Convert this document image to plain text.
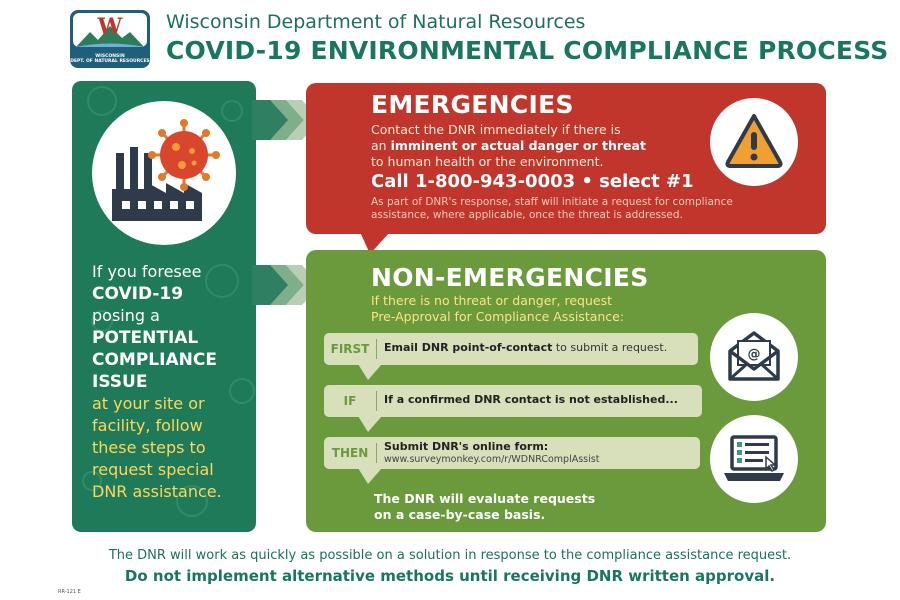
W
WISCONSIN
DEPT. OF NATURAL RESOURCES
Wisconsin Department of Natural Resources
COVID-19 ENVIRONMENTAL COMPLIANCE PROCESS
If you foresee
COVID-19
posing a
POTENTIAL
COMPLIANCE
ISSUE
at your site or
facility, follow
these steps to
request special
DNR assistance.
EMERGENCIES
Contact the DNR immediately if there is
an imminent or actual danger or threat
to human health or the environment.
Call 1-800-943-0003 • select #1
As part of DNR's response, staff will initiate a request for compliance assistance, where applicable, once the threat is addressed.
NON-EMERGENCIES
If there is no threat or danger, request
Pre-Approval for Compliance Assistance:
FIRST	Email DNR point-of-contact to submit a request.
IF	If a confirmed DNR contact is not established...
THEN	Submit DNR's online form:
www.surveymonkey.com/r/WDNRComplAssist
The DNR will evaluate requests
on a case-by-case basis.
@
The DNR will work as quickly as possible on a solution in response to the compliance assistance request.
Do not implement alternative methods until receiving DNR written approval.
RR-121 E
